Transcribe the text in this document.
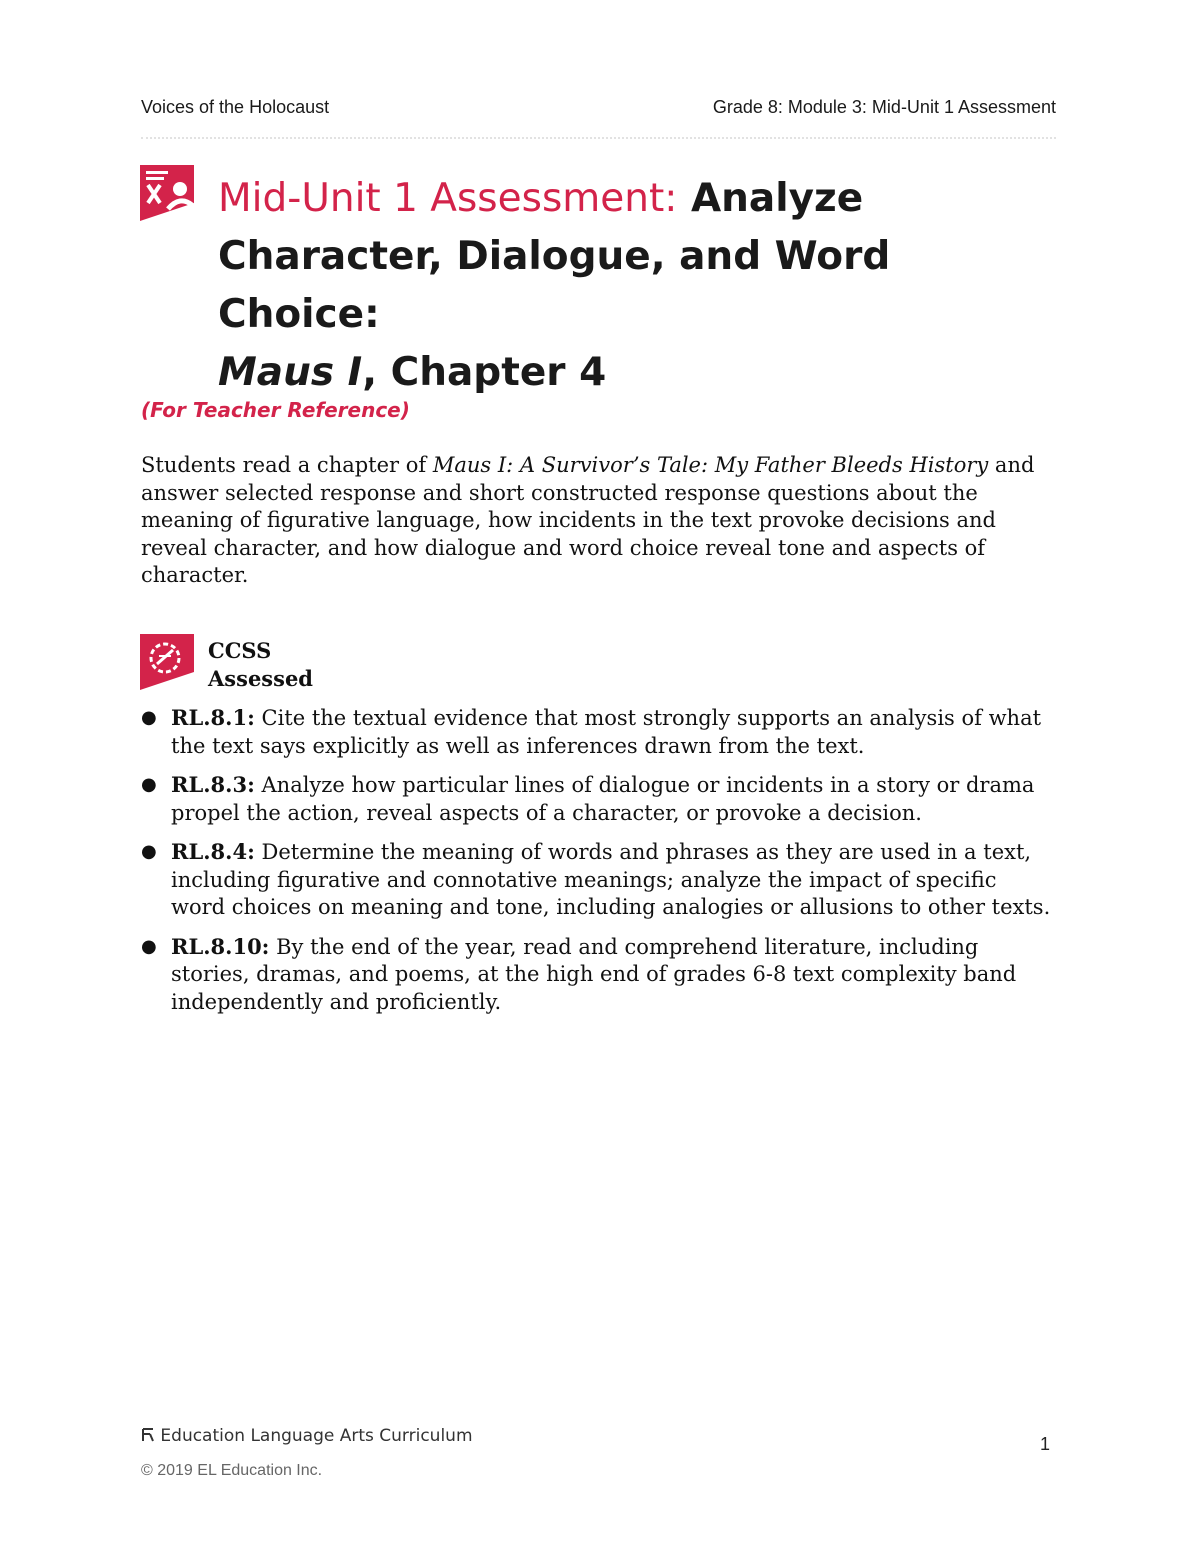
Voices of the Holocaust	Grade 8: Module 3: Mid-Unit 1 Assessment
Mid-Unit 1 Assessment: Analyze
Character, Dialogue, and Word Choice:
Maus I, Chapter 4
(For Teacher Reference)
Students read a chapter of Maus I: A Survivor’s Tale: My Father Bleeds History and answer selected response and short constructed response questions about the meaning of figurative language, how incidents in the text provoke decisions and reveal character, and how dialogue and word choice reveal tone and aspects of character.
CCSS
Assessed
● RL.8.1: Cite the textual evidence that most strongly supports an analysis of what the text says explicitly as well as inferences drawn from the text.
● RL.8.3: Analyze how particular lines of dialogue or incidents in a story or drama propel the action, reveal aspects of a character, or provoke a decision.
● RL.8.4: Determine the meaning of words and phrases as they are used in a text, including figurative and connotative meanings; analyze the impact of specific word choices on meaning and tone, including analogies or allusions to other texts.
● RL.8.10: By the end of the year, read and comprehend literature, including stories, dramas, and poems, at the high end of grades 6-8 text complexity band independently and proficiently.
Education Language Arts Curriculum
© 2019 EL Education Inc.
1
